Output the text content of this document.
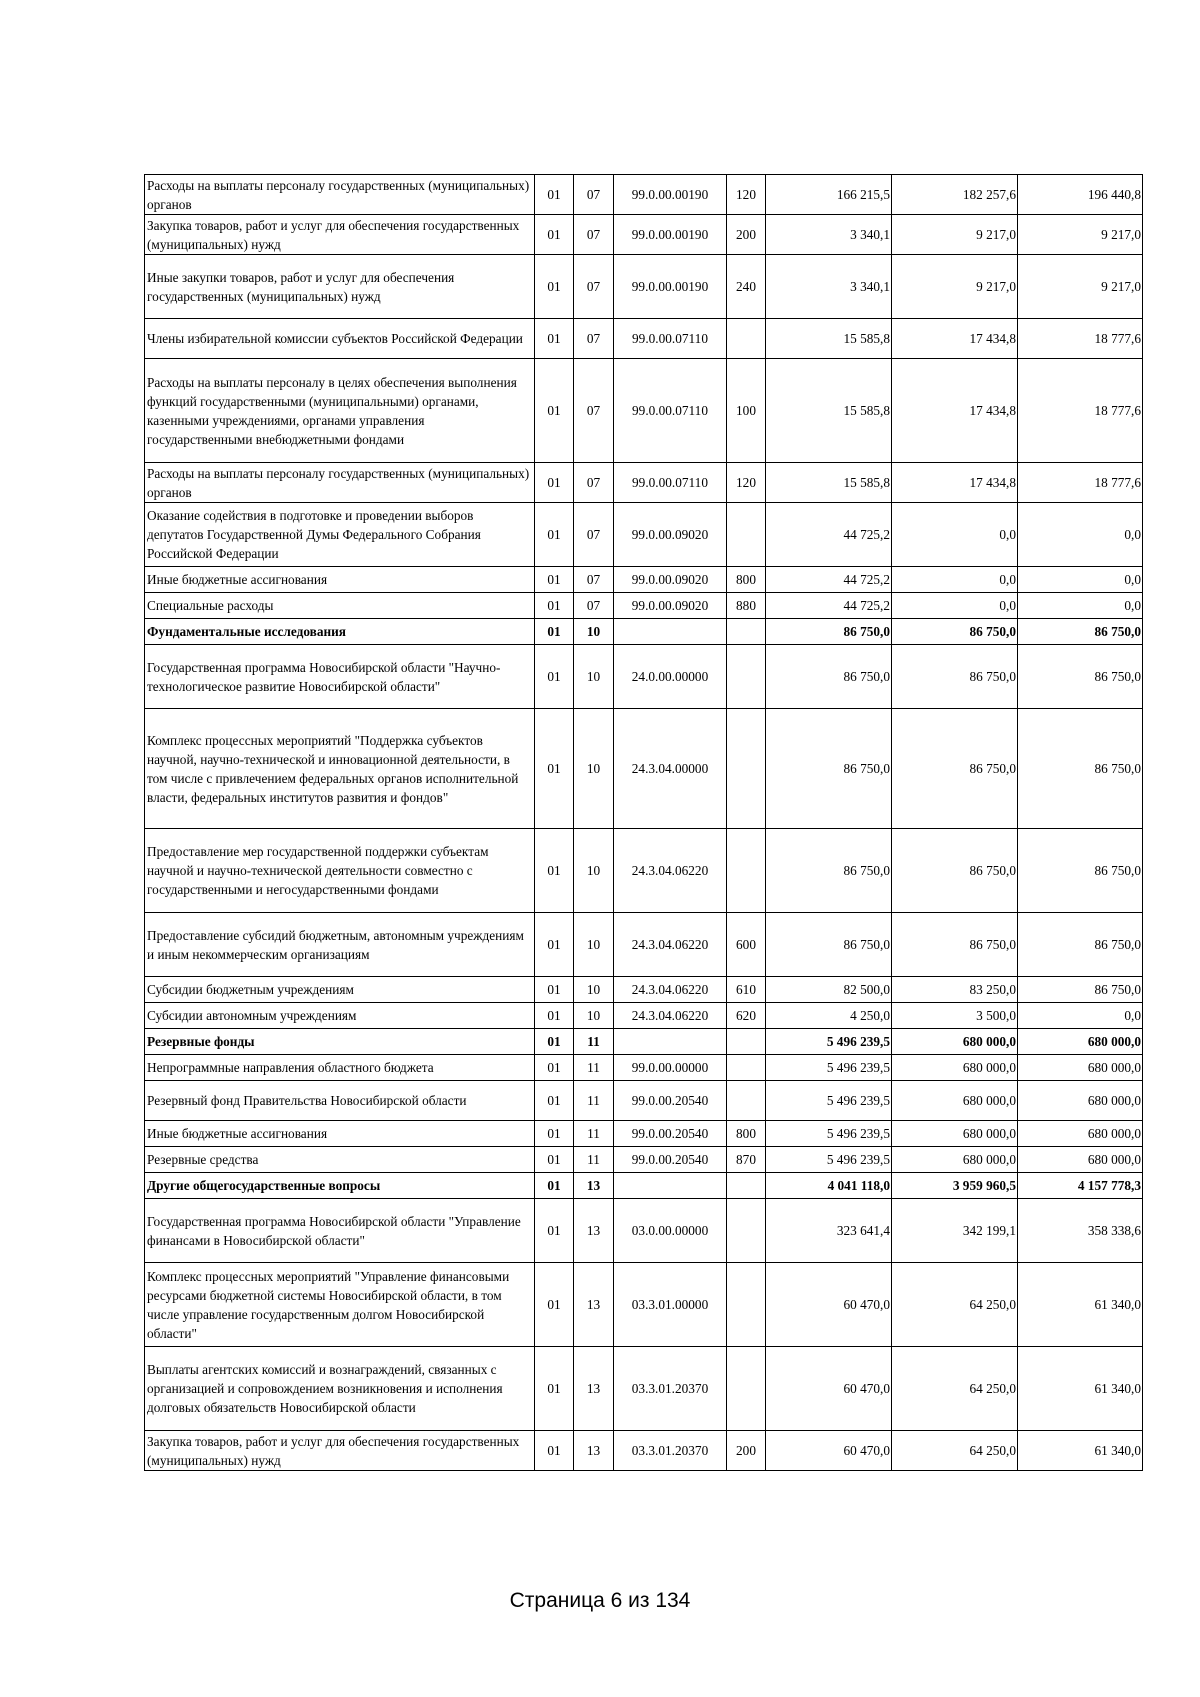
Расходы на выплаты персоналу государственных (муниципальных) органов	01	07	99.0.00.00190	120	166 215,5	182 257,6	196 440,8
Закупка товаров, работ и услуг для обеспечения государственных (муниципальных) нужд	01	07	99.0.00.00190	200	3 340,1	9 217,0	9 217,0
Иные закупки товаров, работ и услуг для обеспечения государственных (муниципальных) нужд	01	07	99.0.00.00190	240	3 340,1	9 217,0	9 217,0
Члены избирательной комиссии субъектов Российской Федерации	01	07	99.0.00.07110		15 585,8	17 434,8	18 777,6
Расходы на выплаты персоналу в целях обеспечения выполнения функций государственными (муниципальными) органами, казенными учреждениями, органами управления государственными внебюджетными фондами	01	07	99.0.00.07110	100	15 585,8	17 434,8	18 777,6
Расходы на выплаты персоналу государственных (муниципальных) органов	01	07	99.0.00.07110	120	15 585,8	17 434,8	18 777,6
Оказание содействия в подготовке и проведении выборов депутатов Государственной Думы Федерального Собрания Российской Федерации	01	07	99.0.00.09020		44 725,2	0,0	0,0
Иные бюджетные ассигнования	01	07	99.0.00.09020	800	44 725,2	0,0	0,0
Специальные расходы	01	07	99.0.00.09020	880	44 725,2	0,0	0,0
Фундаментальные исследования	01	10			86 750,0	86 750,0	86 750,0
Государственная программа Новосибирской области "Научно-технологическое развитие Новосибирской области"	01	10	24.0.00.00000		86 750,0	86 750,0	86 750,0
Комплекс процессных мероприятий "Поддержка субъектов научной, научно-технической и инновационной деятельности, в том числе с привлечением федеральных органов исполнительной власти, федеральных институтов развития и фондов"	01	10	24.3.04.00000		86 750,0	86 750,0	86 750,0
Предоставление мер государственной поддержки субъектам научной и научно-технической деятельности совместно с государственными и негосударственными фондами	01	10	24.3.04.06220		86 750,0	86 750,0	86 750,0
Предоставление субсидий бюджетным, автономным учреждениям и иным некоммерческим организациям	01	10	24.3.04.06220	600	86 750,0	86 750,0	86 750,0
Субсидии бюджетным учреждениям	01	10	24.3.04.06220	610	82 500,0	83 250,0	86 750,0
Субсидии автономным учреждениям	01	10	24.3.04.06220	620	4 250,0	3 500,0	0,0
Резервные фонды	01	11			5 496 239,5	680 000,0	680 000,0
Непрограммные направления областного бюджета	01	11	99.0.00.00000		5 496 239,5	680 000,0	680 000,0
Резервный фонд Правительства Новосибирской области	01	11	99.0.00.20540		5 496 239,5	680 000,0	680 000,0
Иные бюджетные ассигнования	01	11	99.0.00.20540	800	5 496 239,5	680 000,0	680 000,0
Резервные средства	01	11	99.0.00.20540	870	5 496 239,5	680 000,0	680 000,0
Другие общегосударственные вопросы	01	13			4 041 118,0	3 959 960,5	4 157 778,3
Государственная программа Новосибирской области "Управление финансами в Новосибирской области"	01	13	03.0.00.00000		323 641,4	342 199,1	358 338,6
Комплекс процессных мероприятий "Управление финансовыми ресурсами бюджетной системы Новосибирской области, в том числе управление государственным долгом Новосибирской области"	01	13	03.3.01.00000		60 470,0	64 250,0	61 340,0
Выплаты агентских комиссий и вознаграждений, связанных с организацией и сопровождением возникновения и исполнения долговых обязательств Новосибирской области	01	13	03.3.01.20370		60 470,0	64 250,0	61 340,0
Закупка товаров, работ и услуг для обеспечения государственных (муниципальных) нужд	01	13	03.3.01.20370	200	60 470,0	64 250,0	61 340,0
Страница 6 из 134
